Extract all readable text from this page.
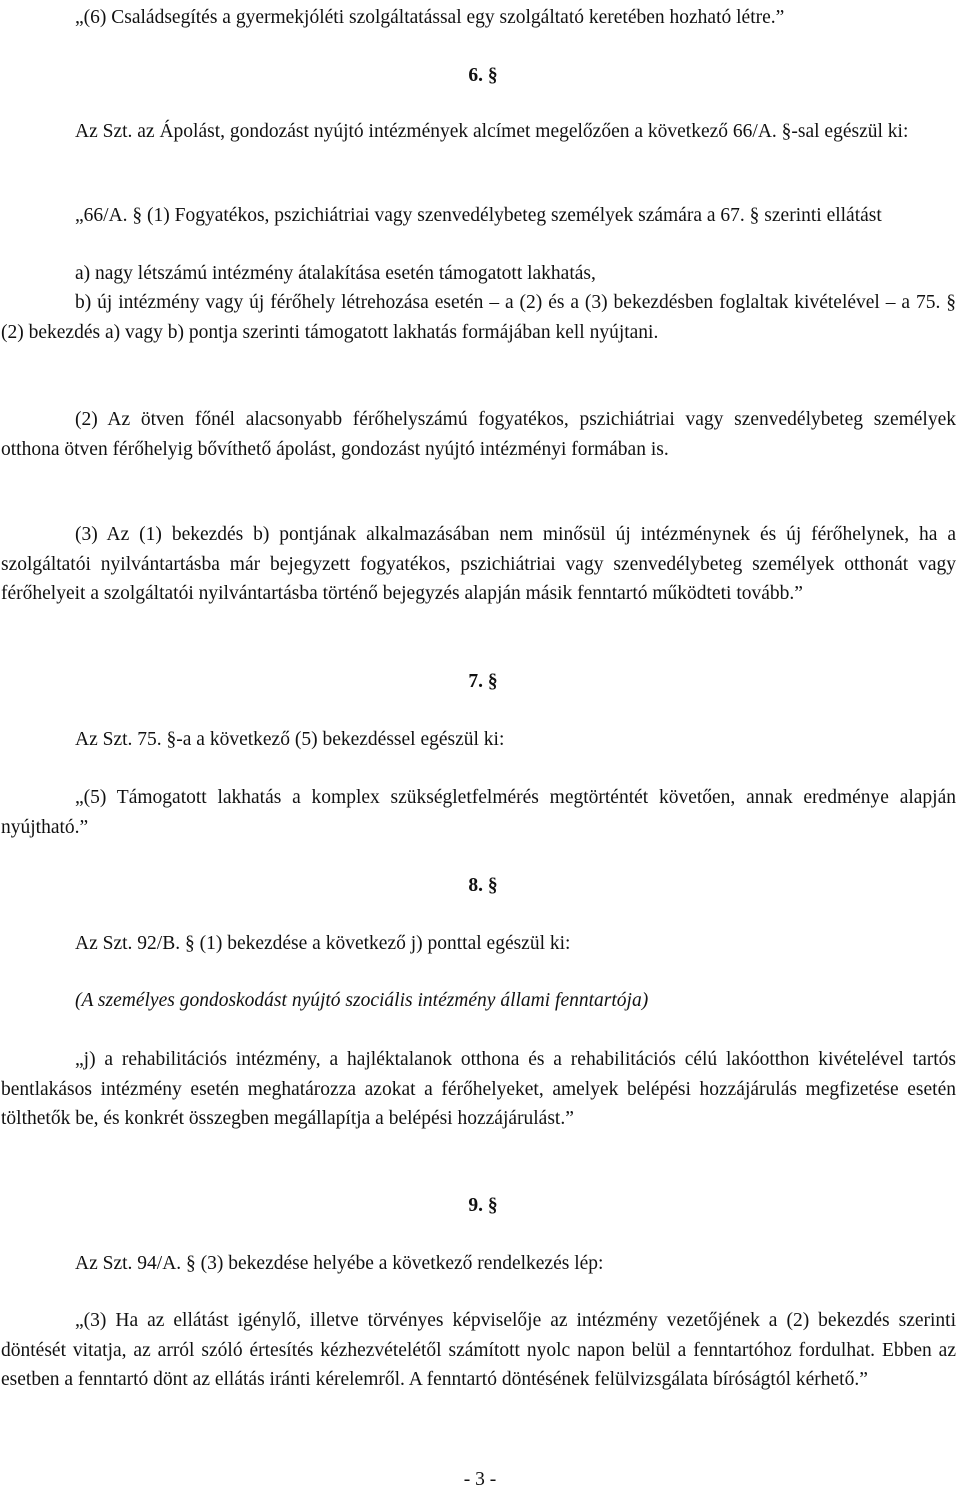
„(6) Családsegítés a gyermekjóléti szolgáltatással egy szolgáltató keretében hozható létre.”

6. §

Az Szt. az Ápolást, gondozást nyújtó intézmények alcímet megelőzően a következő 66/A. §-sal egészül ki:

„66/A. § (1) Fogyatékos, pszichiátriai vagy szenvedélybeteg személyek számára a 67. § szerinti ellátást

a) nagy létszámú intézmény átalakítása esetén támogatott lakhatás,

b) új intézmény vagy új férőhely létrehozása esetén – a (2) és a (3) bekezdésben foglaltak kivételével – a 75. § (2) bekezdés a) vagy b) pontja szerinti támogatott lakhatás formájában kell nyújtani.

(2) Az ötven főnél alacsonyabb férőhelyszámú fogyatékos, pszichiátriai vagy szenvedélybeteg személyek otthona ötven férőhelyig bővíthető ápolást, gondozást nyújtó intézményi formában is.

(3) Az (1) bekezdés b) pontjának alkalmazásában nem minősül új intézménynek és új férőhelynek, ha a szolgáltatói nyilvántartásba már bejegyzett fogyatékos, pszichiátriai vagy szenvedélybeteg személyek otthonát vagy férőhelyeit a szolgáltatói nyilvántartásba történő bejegyzés alapján másik fenntartó működteti tovább.”

7. §

Az Szt. 75. §-a a következő (5) bekezdéssel egészül ki:

„(5) Támogatott lakhatás a komplex szükségletfelmérés megtörténtét követően, annak eredménye alapján nyújtható.”

8. §

Az Szt. 92/B. § (1) bekezdése a következő j) ponttal egészül ki:

(A személyes gondoskodást nyújtó szociális intézmény állami fenntartója)

„j) a rehabilitációs intézmény, a hajléktalanok otthona és a rehabilitációs célú lakóotthon kivételével tartós bentlakásos intézmény esetén meghatározza azokat a férőhelyeket, amelyek belépési hozzájárulás megfizetése esetén tölthetők be, és konkrét összegben megállapítja a belépési hozzájárulást.”

9. §

Az Szt. 94/A. § (3) bekezdése helyébe a következő rendelkezés lép:

„(3) Ha az ellátást igénylő, illetve törvényes képviselője az intézmény vezetőjének a (2) bekezdés szerinti döntését vitatja, az arról szóló értesítés kézhezvételétől számított nyolc napon belül a fenntartóhoz fordulhat. Ebben az esetben a fenntartó dönt az ellátás iránti kérelemről. A fenntartó döntésének felülvizsgálata bíróságtól kérhető.”

- 3 -
